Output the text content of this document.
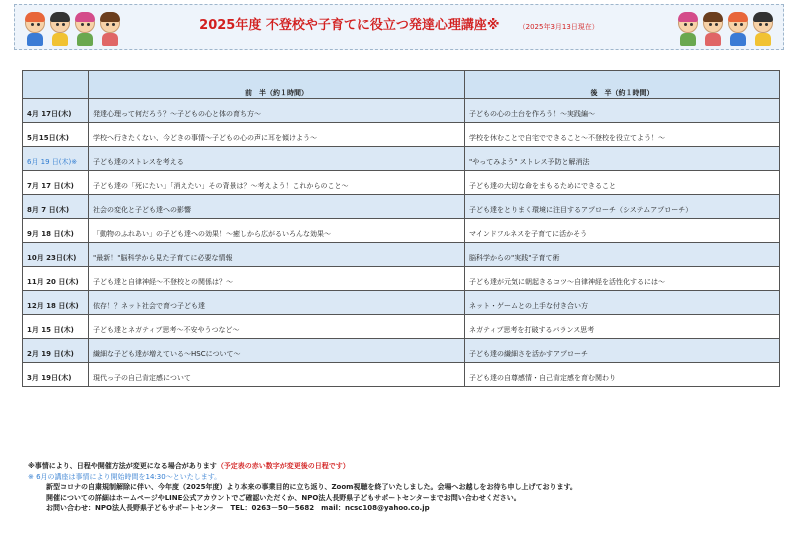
2025年度 不登校や子育てに役立つ発達心理講座※	（2025年3月13日現在）
	前　半（約１時間）	後　半（約１時間）
4月 17日(木)	発達心理って何だろう？～子どもの心と体の育ち方～	子どもの心の土台を作ろう！～実践編～
5月15日(木)	学校へ行きたくない、今どきの事情～子どもの心の声に耳を傾けよう～	学校を休むことで自宅でできること～不登校を役立てよう！～
6月 19 日(木)※	子ども達のストレスを考える	"やってみよう" ストレス予防と解消法
7月 17 日(木)	子ども達の「死にたい」「消えたい」その背景は？～考えよう！これからのこと～	子ども達の大切な命をまもるためにできること
8月 7 日(木)	社会の変化と子ども達への影響	子ども達をとりまく環境に注目するアプローチ（システムアプローチ）
9月 18 日(木)	「動物のふれあい」の子ども達への効果！～癒しから広がるいろんな効果～	マインドフルネスを子育てに活かそう
10月 23日(木)	"最新！"脳科学から見た子育てに必要な情報	脳科学からの"実践"子育て術
11月 20 日(木)	子ども達と自律神経～不登校との関係は？～	子ども達が元気に朝起きるコツ～自律神経を活性化するには～
12月 18 日(木)	依存！？ネット社会で育つ子ども達	ネット・ゲームとの上手な付き合い方
1月 15 日(木)	子ども達とネガティブ思考～不安やうつなど～	ネガティブ思考を打破するバランス思考
2月 19 日(木)	繊細な子ども達が増えている～HSCについて～	子ども達の繊細さを活かすアプローチ
3月 19日(木)	現代っ子の自己肯定感について	子ども達の自尊感情・自己肯定感を育む関わり
※事情により、日程や開催方法が変更になる場合があります（予定表の赤い数字が変更後の日程です）
※ 6月の講座は事情により開始時間を14:30～といたします。
新型コロナの自粛規制解除に伴い、今年度（2025年度）より本来の事業目的に立ち返り、Zoom視聴を終了いたしました。会場へお越しをお待ち申し上げております。
開催についての詳細はホームページやLINE公式アカウントでご確認いただくか、NPO法人長野県子どもサポートセンターまでお問い合わせください。
お問い合わせ：NPO法人長野県子どもサポートセンター　TEL：0263－50－5682　mail：ncsc108@yahoo.co.jp
